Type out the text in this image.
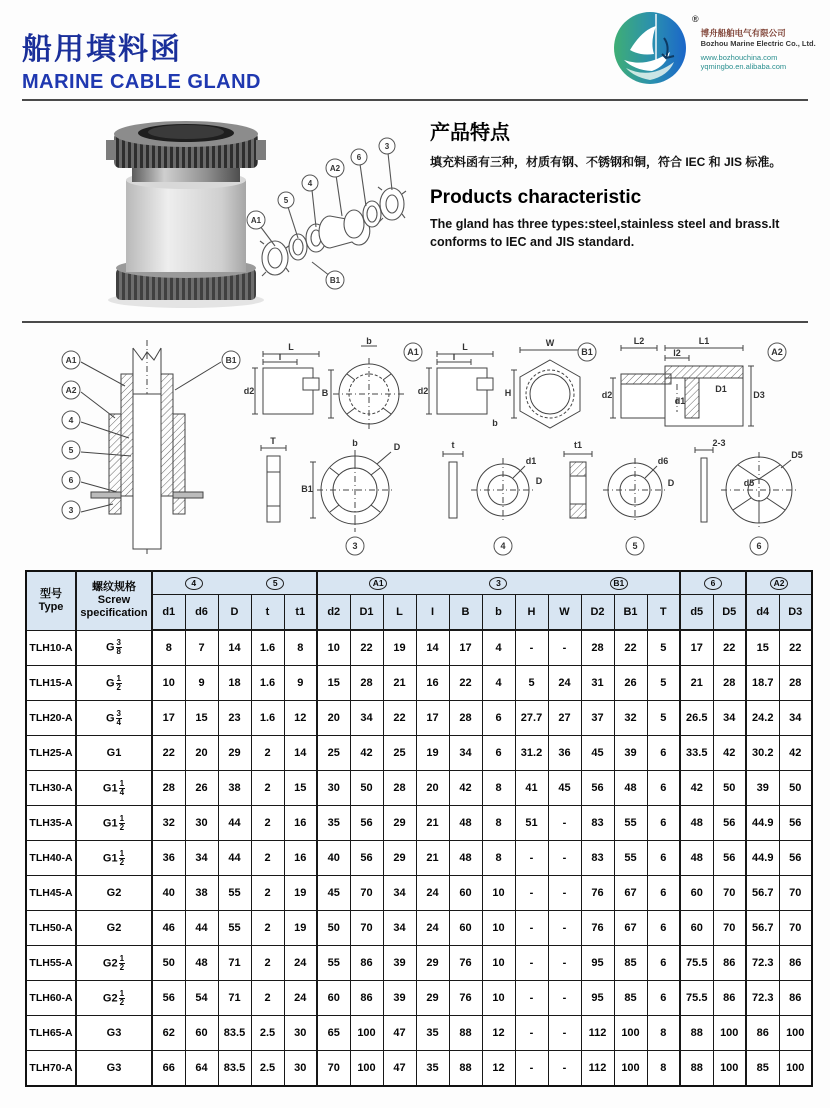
船用填料函
MARINE CABLE GLAND
®
博舟船舶电气有限公司
Bozhou Marine Electric Co., Ltd.
www.bozhouchina.com
yqmingbo.en.alibaba.com
A1
5
4
A2
6
3
B1
产品特点

填充料函有三种，材质有钢、不锈钢和铜，符合 IEC 和 JIS 标准。

Products characteristic

The gland has three types:steel,stainless steel and brass.It conforms to IEC and JIS standard.

A1
A2
4
5
6
3
B1
L
l
d2
b
B
A1	L
l
d2
b
W
H
B1
L2	L1
l2
d2
D1
d1
D3
A2
T	b	D
B1
3
t
d1
D
4
t1
d6
D
5
2-3
d5
D5
6
型号
Type

螺纹规格
Screw
specification

4	5	A1	3	B1	6	A2

		d1	d6	D	t	t1	d2	D1	L	I	B	b	H	W	D2	B1	T	d5	D5	d4	D3
TLH10-A	G $\frac{3}{8}$	8	7	14	1.6	8	10	22	19	14	17	4	-	-	28	22	5	17	22	15	22
TLH15-A	G $\frac{1}{2}$	10	9	18	1.6	9	15	28	21	16	22	4	5	24	31	26	5	21	28	18.7	28
TLH20-A	G $\frac{3}{4}$	17	15	23	1.6	12	20	34	22	17	28	6	27.7	27	37	32	5	26.5	34	24.2	34
TLH25-A	G1	22	20	29	2	14	25	42	25	19	34	6	31.2	36	45	39	6	33.5	42	30.2	42
TLH30-A	$G1 \frac{1}{4}$	28	26	38	2	15	30	50	28	20	42	8	41	45	56	48	6	42	50	39	50
TLH35-A	$G1 \frac{1}{2}$	32	30	44	2	16	35	56	29	21	48	8	51	-	83	55	6	48	56	44.9	56
TLH40-A	$G1 \frac{1}{2}$	36	34	44	2	16	40	56	29	21	48	8	-	-	83	55	6	48	56	44.9	56
TLH45-A	G2	40	38	55	2	19	45	70	34	24	60	10	-	-	76	67	6	60	70	56.7	70
TLH50-A	G2	46	44	55	2	19	50	70	34	24	60	10	-	-	76	67	6	60	70	56.7	70
TLH55-A	$G2 \frac{1}{2}$	50	48	71	2	24	55	86	39	29	76	10	-	-	95	85	6	75.5	86	72.3	86
TLH60-A	$G2 \frac{1}{2}$	56	54	71	2	24	60	86	39	29	76	10	-	-	95	85	6	75.5	86	72.3	86
TLH65-A	G3	62	60	83.5	2.5	30	65	100	47	35	88	12	-	-	112	100	8	88	100	86	100
TLH70-A	G3	66	64	83.5	2.5	30	70	100	47	35	88	12	-	-	112	100	8	88	100	85	100
